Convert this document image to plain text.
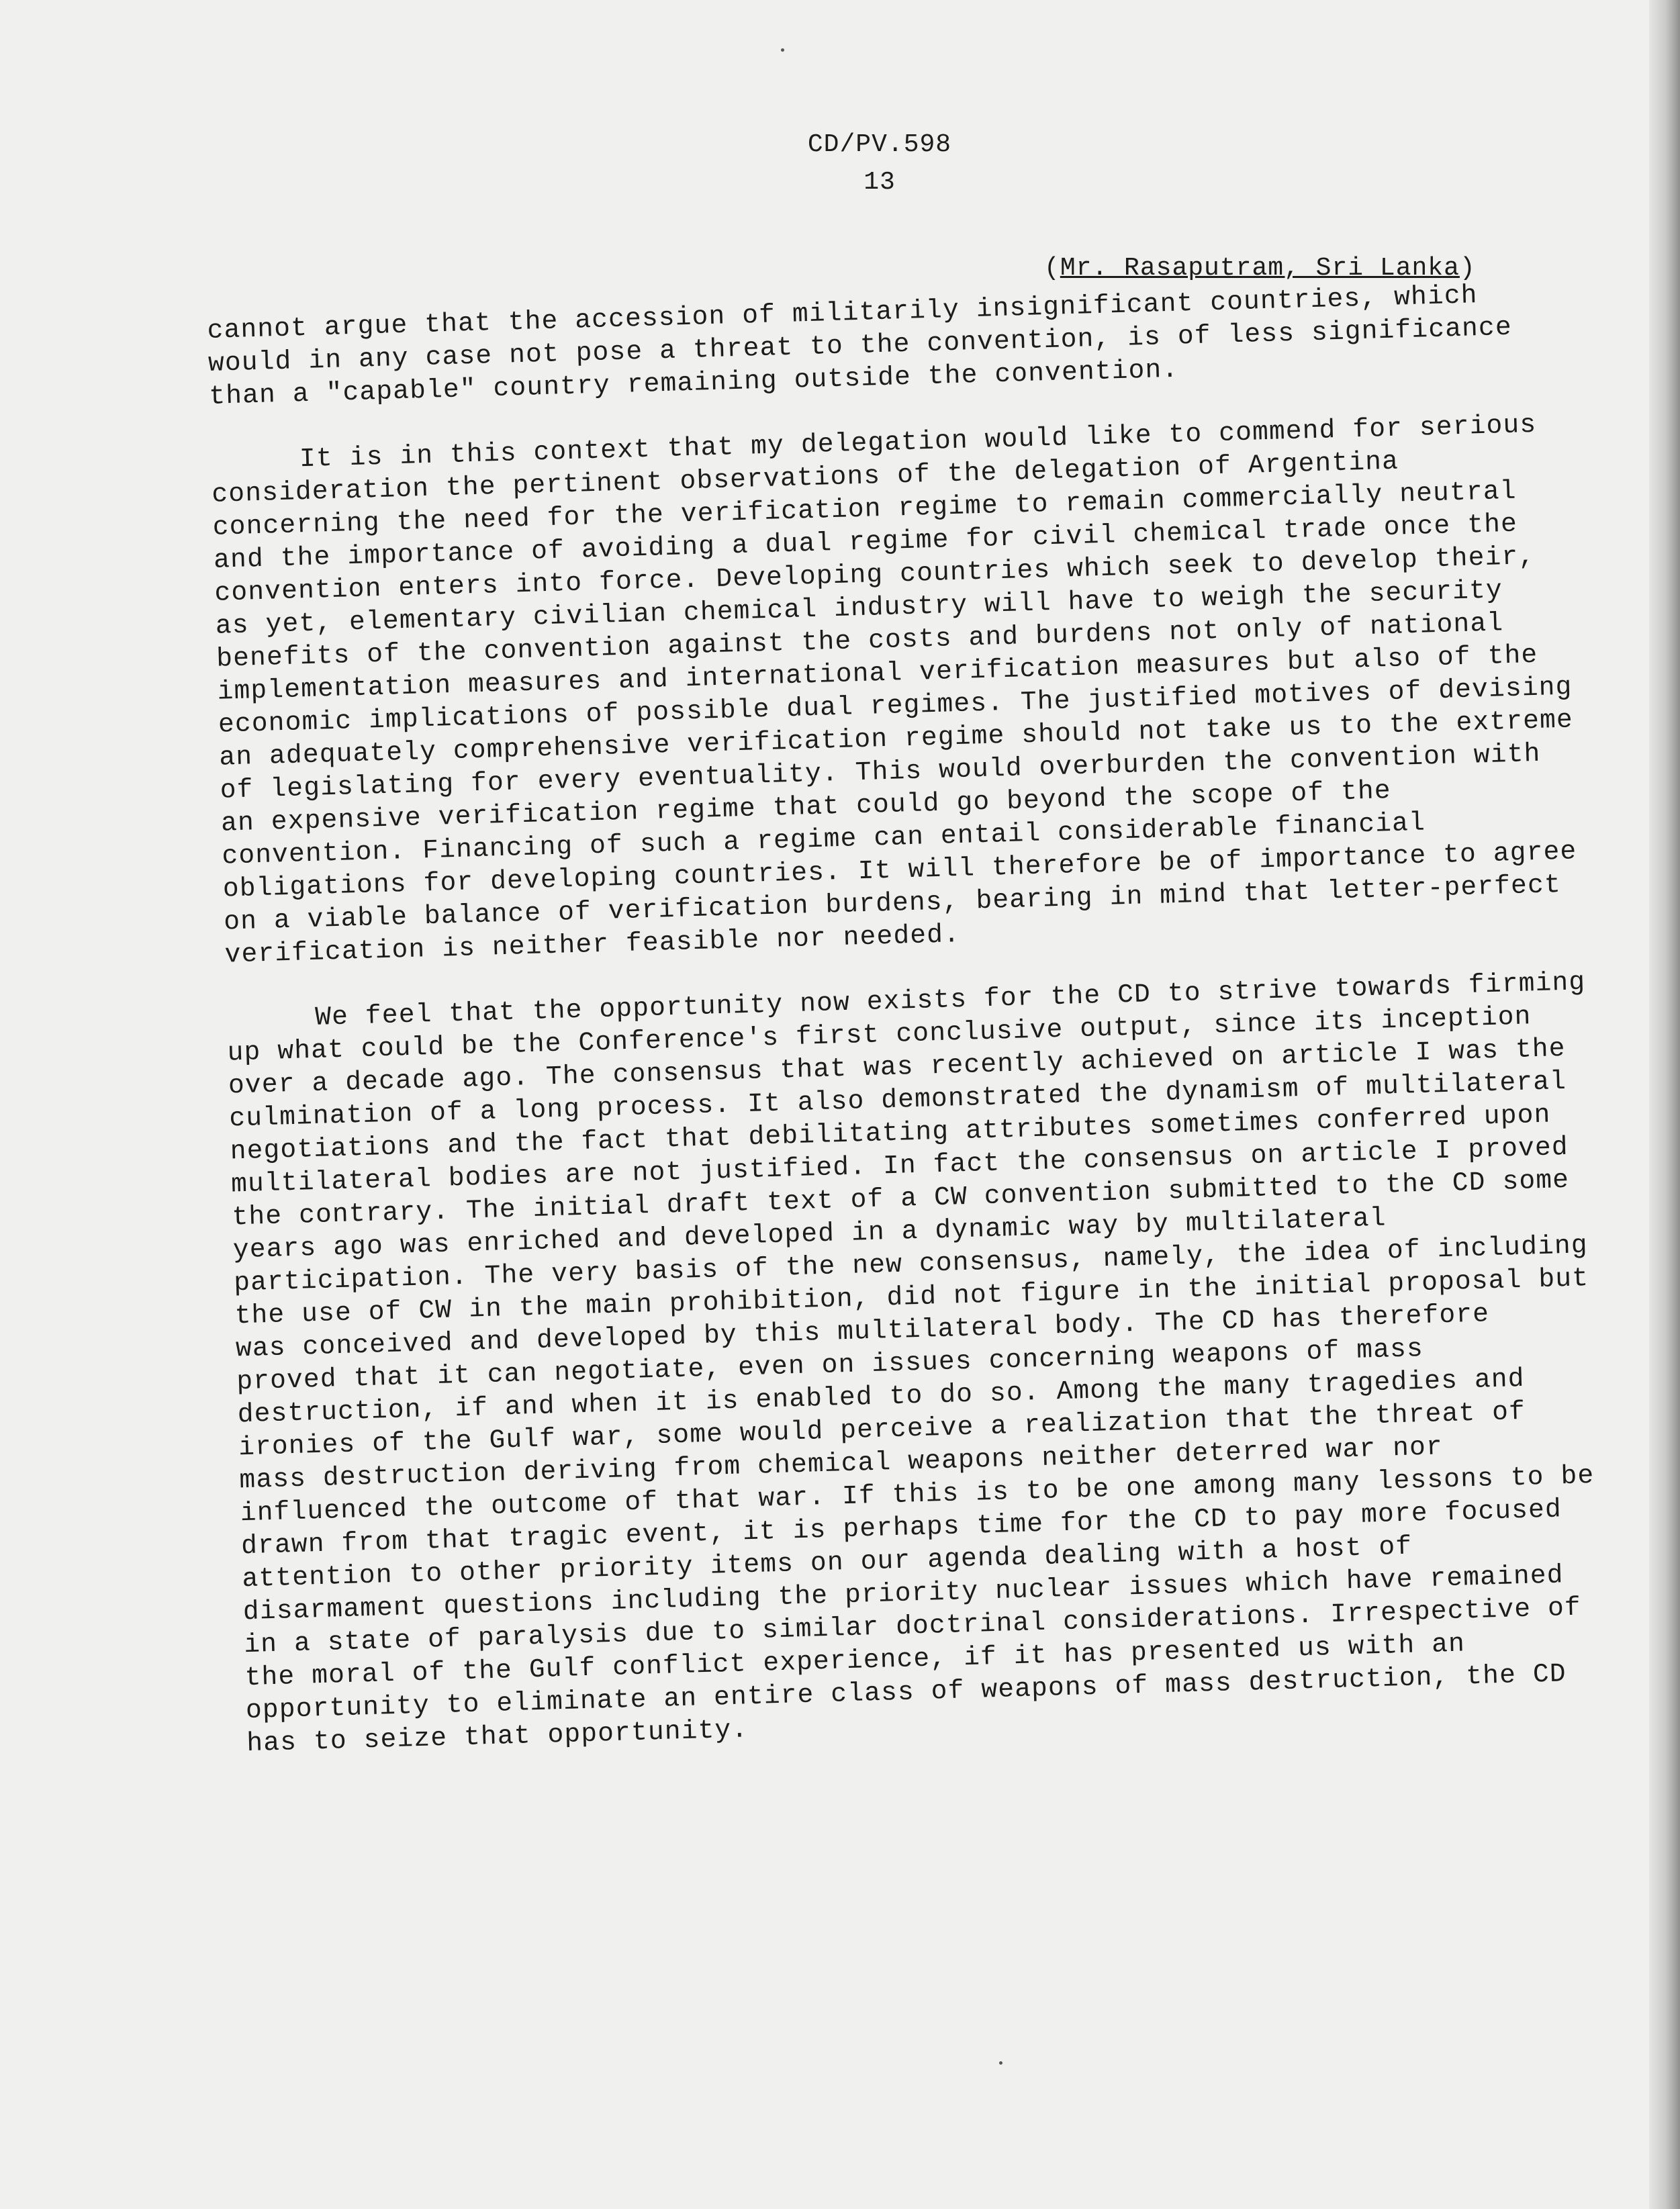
CD/PV.598
13
(Mr. Rasaputram, Sri Lanka)

cannot argue that the accession of militarily insignificant countries, which would in any case not pose a threat to the convention, is of less significance than a "capable" country remaining outside the convention.

It is in this context that my delegation would like to commend for serious consideration the pertinent observations of the delegation of Argentina concerning the need for the verification regime to remain commercially neutral and the importance of avoiding a dual regime for civil chemical trade once the convention enters into force. Developing countries which seek to develop their, as yet, elementary civilian chemical industry will have to weigh the security benefits of the convention against the costs and burdens not only of national implementation measures and international verification measures but also of the economic implications of possible dual regimes. The justified motives of devising an adequately comprehensive verification regime should not take us to the extreme of legislating for every eventuality. This would overburden the convention with an expensive verification regime that could go beyond the scope of the convention. Financing of such a regime can entail considerable financial obligations for developing countries. It will therefore be of importance to agree on a viable balance of verification burdens, bearing in mind that letter-perfect verification is neither feasible nor needed.

We feel that the opportunity now exists for the CD to strive towards firming up what could be the Conference's first conclusive output, since its inception over a decade ago. The consensus that was recently achieved on article I was the culmination of a long process. It also demonstrated the dynamism of multilateral negotiations and the fact that debilitating attributes sometimes conferred upon multilateral bodies are not justified. In fact the consensus on article I proved the contrary. The initial draft text of a CW convention submitted to the CD some years ago was enriched and developed in a dynamic way by multilateral participation. The very basis of the new consensus, namely, the idea of including the use of CW in the main prohibition, did not figure in the initial proposal but was conceived and developed by this multilateral body. The CD has therefore proved that it can negotiate, even on issues concerning weapons of mass destruction, if and when it is enabled to do so. Among the many tragedies and ironies of the Gulf war, some would perceive a realization that the threat of mass destruction deriving from chemical weapons neither deterred war nor influenced the outcome of that war. If this is to be one among many lessons to be drawn from that tragic event, it is perhaps time for the CD to pay more focused attention to other priority items on our agenda dealing with a host of disarmament questions including the priority nuclear issues which have remained in a state of paralysis due to similar doctrinal considerations. Irrespective of the moral of the Gulf conflict experience, if it has presented us with an opportunity to eliminate an entire class of weapons of mass destruction, the CD has to seize that opportunity.
